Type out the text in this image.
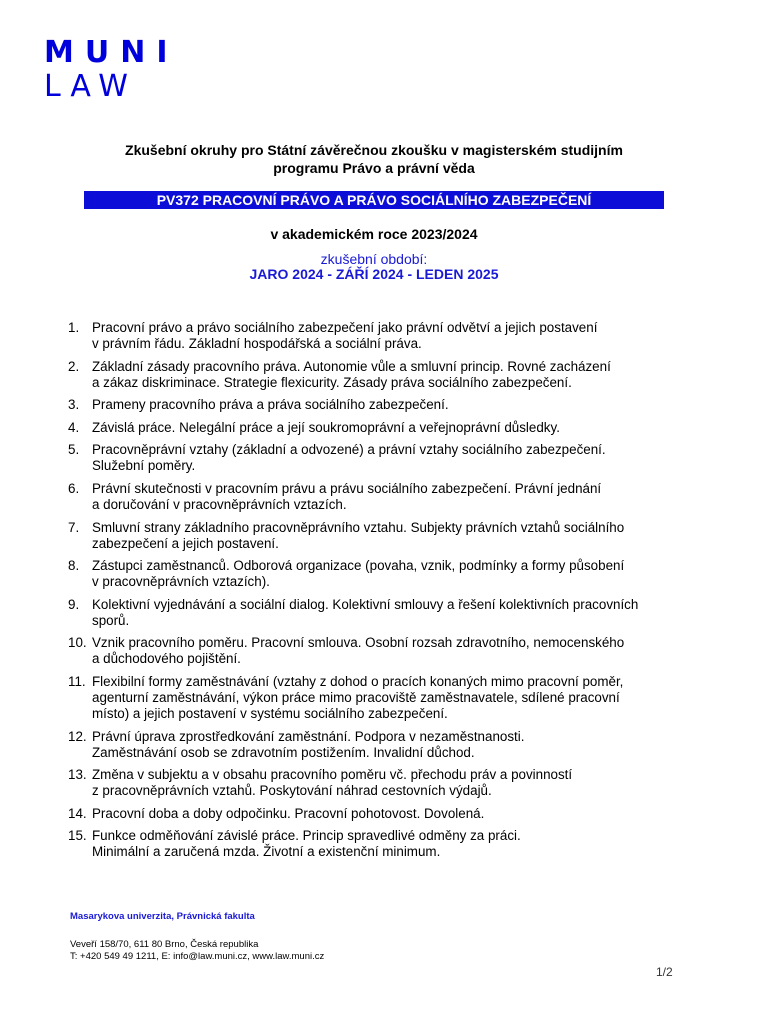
MUNI
LAW
Zkušební okruhy pro Státní závěrečnou zkoušku v magisterském studijním
programu Právo a právní věda
PV372 PRACOVNÍ PRÁVO A PRÁVO SOCIÁLNÍHO ZABEZPEČENÍ
v akademickém roce 2023/2024
zkušební období:
JARO 2024 - ZÁŘÍ 2024 - LEDEN 2025
1. Pracovní právo a právo sociálního zabezpečení jako právní odvětví a jejich postavení
v právním řádu. Základní hospodářská a sociální práva.
2. Základní zásady pracovního práva. Autonomie vůle a smluvní princip. Rovné zacházení
a zákaz diskriminace. Strategie flexicurity. Zásady práva sociálního zabezpečení.
3. Prameny pracovního práva a práva sociálního zabezpečení.
4. Závislá práce. Nelegální práce a její soukromoprávní a veřejnoprávní důsledky.
5. Pracovněprávní vztahy (základní a odvozené) a právní vztahy sociálního zabezpečení.
Služební poměry.
6. Právní skutečnosti v pracovním právu a právu sociálního zabezpečení. Právní jednání
a doručování v pracovněprávních vztazích.
7. Smluvní strany základního pracovněprávního vztahu. Subjekty právních vztahů sociálního
zabezpečení a jejich postavení.
8. Zástupci zaměstnanců. Odborová organizace (povaha, vznik, podmínky a formy působení
v pracovněprávních vztazích).
9. Kolektivní vyjednávání a sociální dialog. Kolektivní smlouvy a řešení kolektivních pracovních
sporů.
10. Vznik pracovního poměru. Pracovní smlouva. Osobní rozsah zdravotního, nemocenského
a důchodového pojištění.
11. Flexibilní formy zaměstnávání (vztahy z dohod o pracích konaných mimo pracovní poměr,
agenturní zaměstnávání, výkon práce mimo pracoviště zaměstnavatele, sdílené pracovní
místo) a jejich postavení v systému sociálního zabezpečení.
12. Právní úprava zprostředkování zaměstnání. Podpora v nezaměstnanosti.
Zaměstnávání osob se zdravotním postižením. Invalidní důchod.
13. Změna v subjektu a v obsahu pracovního poměru vč. přechodu práv a povinností
z pracovněprávních vztahů. Poskytování náhrad cestovních výdajů.
14. Pracovní doba a doby odpočinku. Pracovní pohotovost. Dovolená.
15. Funkce odměňování závislé práce. Princip spravedlivé odměny za práci.
Minimální a zaručená mzda. Životní a existenční minimum.
Masarykova univerzita, Právnická fakulta
Veveří 158/70, 611 80 Brno, Česká republika
T: +420 549 49 1211, E: info@law.muni.cz, www.law.muni.cz
1/2
